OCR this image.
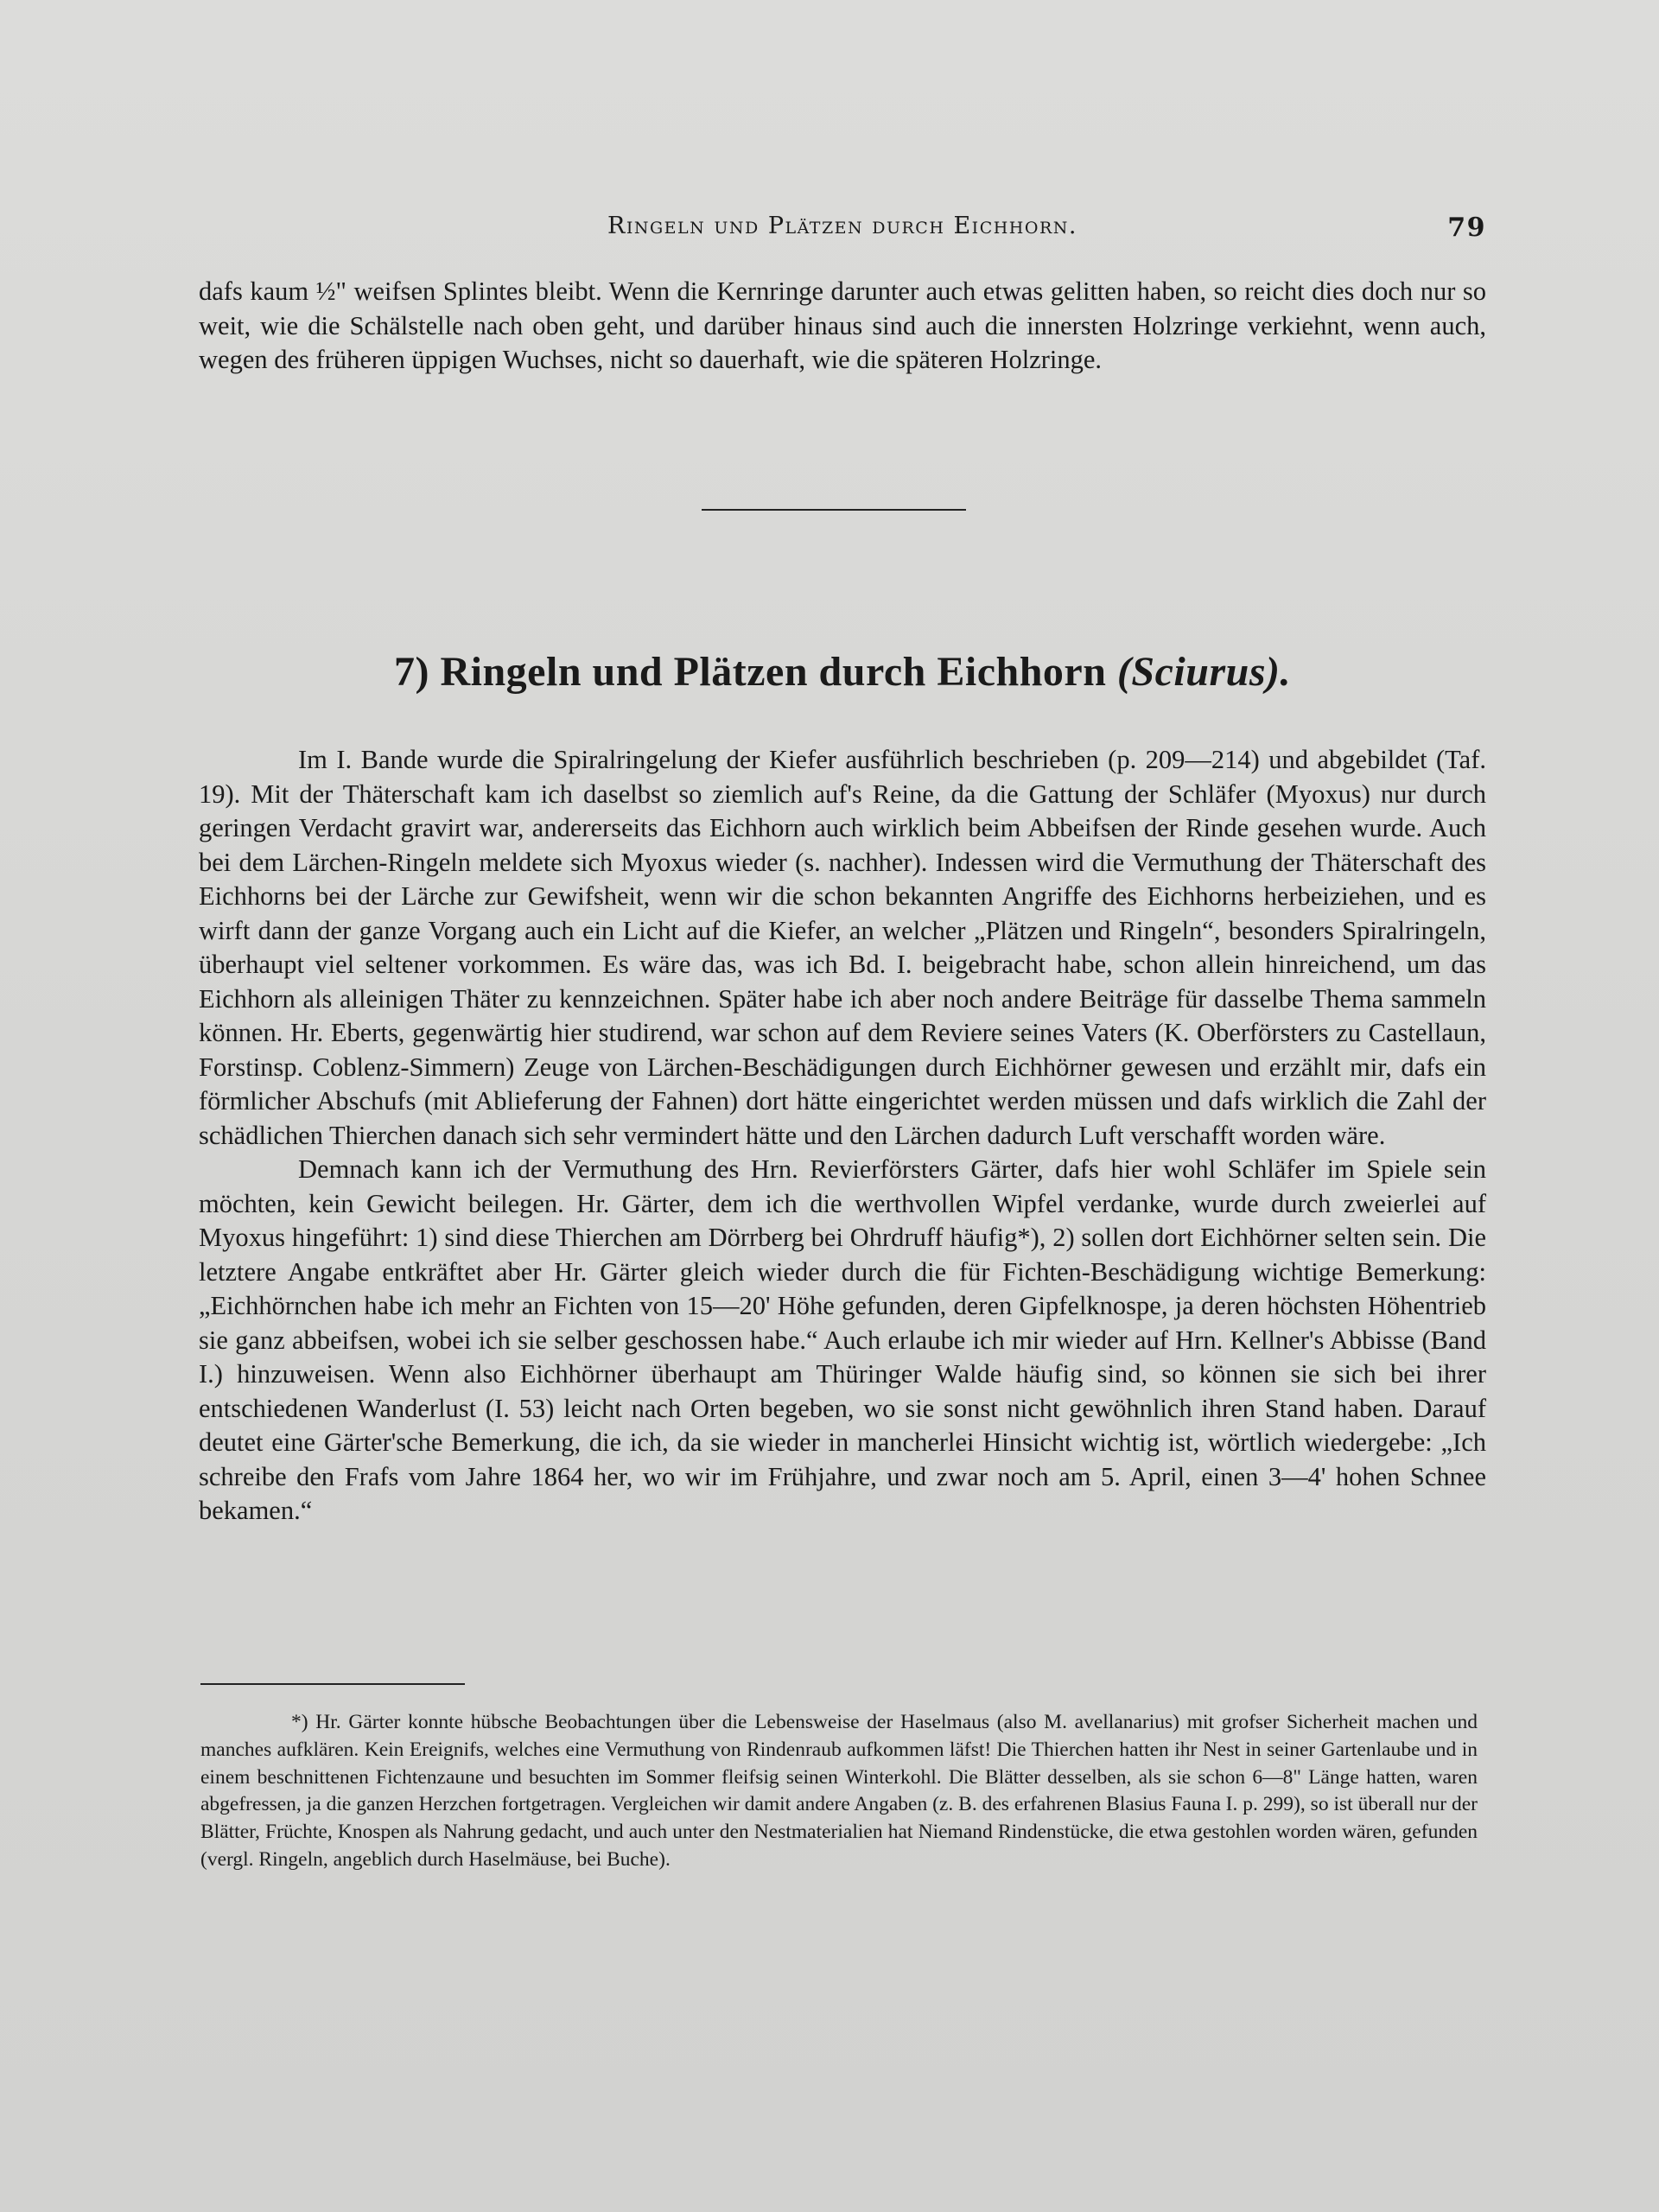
Ringeln und Plätzen durch Eichhorn.	79

dafs kaum ½" weifsen Splintes bleibt. Wenn die Kernringe darunter auch etwas gelitten haben, so reicht dies doch nur so weit, wie die Schälstelle nach oben geht, und darüber hinaus sind auch die innersten Holzringe verkiehnt, wenn auch, wegen des früheren üppigen Wuchses, nicht so dauerhaft, wie die späteren Holzringe.

7) Ringeln und Plätzen durch Eichhorn (Sciurus).

Im I. Bande wurde die Spiralringelung der Kiefer ausführlich beschrieben (p. 209—214) und abgebildet (Taf. 19). Mit der Thäterschaft kam ich daselbst so ziemlich auf's Reine, da die Gattung der Schläfer (Myoxus) nur durch geringen Verdacht gravirt war, andererseits das Eichhorn auch wirklich beim Abbeifsen der Rinde gesehen wurde. Auch bei dem Lärchen-Ringeln meldete sich Myoxus wieder (s. nachher). Indessen wird die Vermuthung der Thäterschaft des Eichhorns bei der Lärche zur Gewifsheit, wenn wir die schon bekannten Angriffe des Eichhorns herbeiziehen, und es wirft dann der ganze Vorgang auch ein Licht auf die Kiefer, an welcher „Plätzen und Ringeln“, besonders Spiralringeln, überhaupt viel seltener vorkommen. Es wäre das, was ich Bd. I. beigebracht habe, schon allein hinreichend, um das Eichhorn als alleinigen Thäter zu kennzeichnen. Später habe ich aber noch andere Beiträge für dasselbe Thema sammeln können. Hr. Eberts, gegenwärtig hier studirend, war schon auf dem Reviere seines Vaters (K. Oberförsters zu Castellaun, Forstinsp. Coblenz-Simmern) Zeuge von Lärchen-Beschädigungen durch Eichhörner gewesen und erzählt mir, dafs ein förmlicher Abschufs (mit Ablieferung der Fahnen) dort hätte eingerichtet werden müssen und dafs wirklich die Zahl der schädlichen Thierchen danach sich sehr vermindert hätte und den Lärchen dadurch Luft verschafft worden wäre.

Demnach kann ich der Vermuthung des Hrn. Revierförsters Gärter, dafs hier wohl Schläfer im Spiele sein möchten, kein Gewicht beilegen. Hr. Gärter, dem ich die werthvollen Wipfel verdanke, wurde durch zweierlei auf Myoxus hingeführt: 1) sind diese Thierchen am Dörrberg bei Ohrdruff häufig*), 2) sollen dort Eichhörner selten sein. Die letztere Angabe entkräftet aber Hr. Gärter gleich wieder durch die für Fichten-Beschädigung wichtige Bemerkung: „Eichhörnchen habe ich mehr an Fichten von 15—20' Höhe gefunden, deren Gipfelknospe, ja deren höchsten Höhentrieb sie ganz abbeifsen, wobei ich sie selber geschossen habe.“ Auch erlaube ich mir wieder auf Hrn. Kellner's Abbisse (Band I.) hinzuweisen. Wenn also Eichhörner überhaupt am Thüringer Walde häufig sind, so können sie sich bei ihrer entschiedenen Wanderlust (I. 53) leicht nach Orten begeben, wo sie sonst nicht gewöhnlich ihren Stand haben. Darauf deutet eine Gärter'sche Bemerkung, die ich, da sie wieder in mancherlei Hinsicht wichtig ist, wörtlich wiedergebe: „Ich schreibe den Frafs vom Jahre 1864 her, wo wir im Frühjahre, und zwar noch am 5. April, einen 3—4' hohen Schnee bekamen.“

*) Hr. Gärter konnte hübsche Beobachtungen über die Lebensweise der Haselmaus (also M. avellanarius) mit grofser Sicherheit machen und manches aufklären. Kein Ereignifs, welches eine Vermuthung von Rindenraub aufkommen läfst! Die Thierchen hatten ihr Nest in seiner Gartenlaube und in einem beschnittenen Fichtenzaune und besuchten im Sommer fleifsig seinen Winterkohl. Die Blätter desselben, als sie schon 6—8" Länge hatten, waren abgefressen, ja die ganzen Herzchen fortgetragen. Vergleichen wir damit andere Angaben (z. B. des erfahrenen Blasius Fauna I. p. 299), so ist überall nur der Blätter, Früchte, Knospen als Nahrung gedacht, und auch unter den Nestmaterialien hat Niemand Rindenstücke, die etwa gestohlen worden wären, gefunden (vergl. Ringeln, angeblich durch Haselmäuse, bei Buche).
